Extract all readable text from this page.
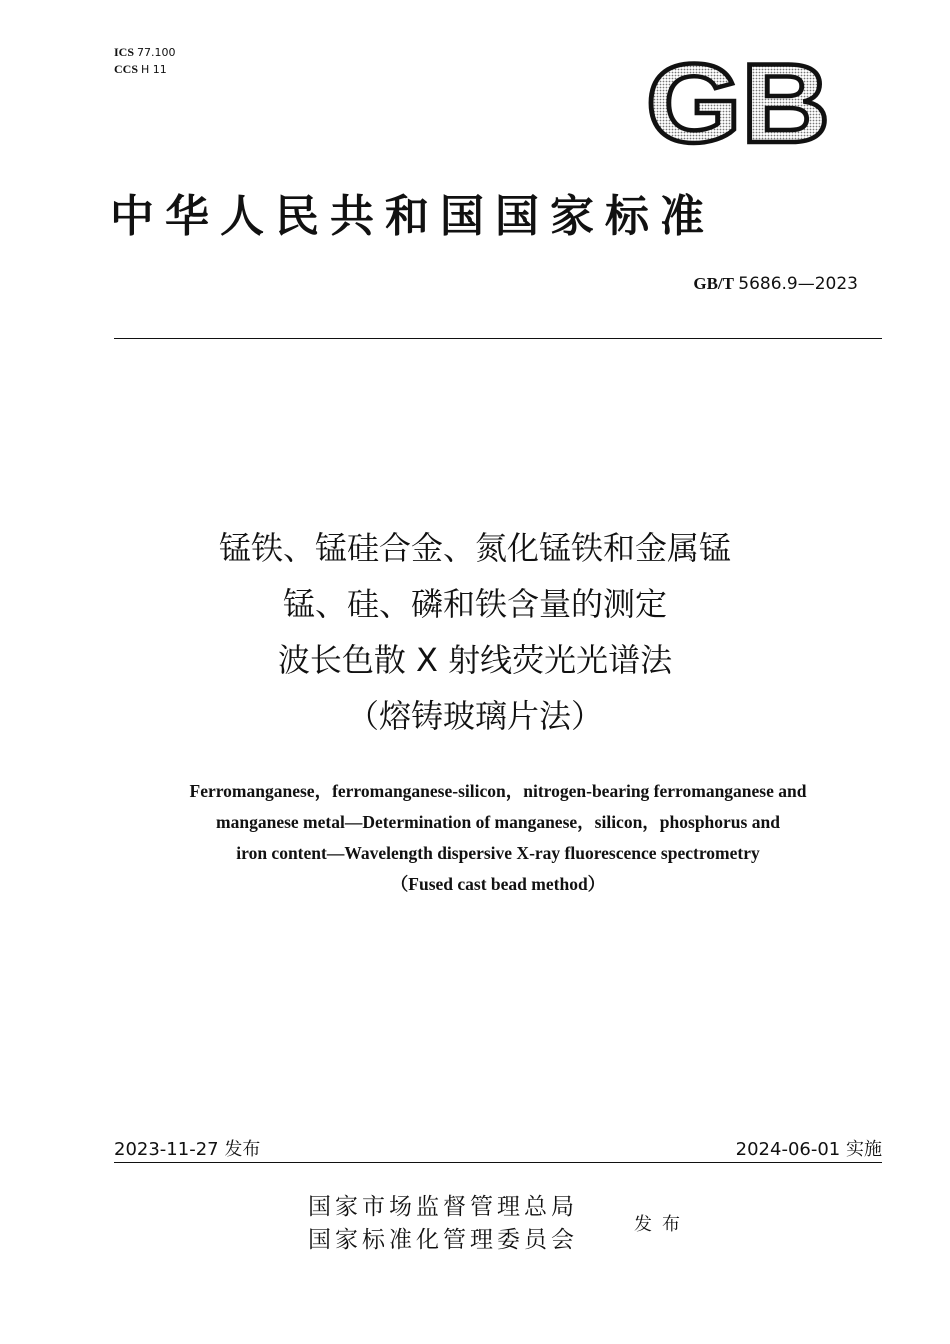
ICS 77.100
CCS H 11	GB
中华人民共和国国家标准
GB/T 5686.9—2023
锰铁、锰硅合金、氮化锰铁和金属锰
锰、硅、磷和铁含量的测定
波长色散 X 射线荧光光谱法
（熔铸玻璃片法）
Ferromanganese，ferromanganese-silicon，nitrogen-bearing ferromanganese and
manganese metal—Determination of manganese，silicon，phosphorus and
iron content—Wavelength dispersive X-ray fluorescence spectrometry
（Fused cast bead method）
2023-11-27 发布	2024-06-01 实施
国家市场监督管理总局
国家标准化管理委员会
发布
